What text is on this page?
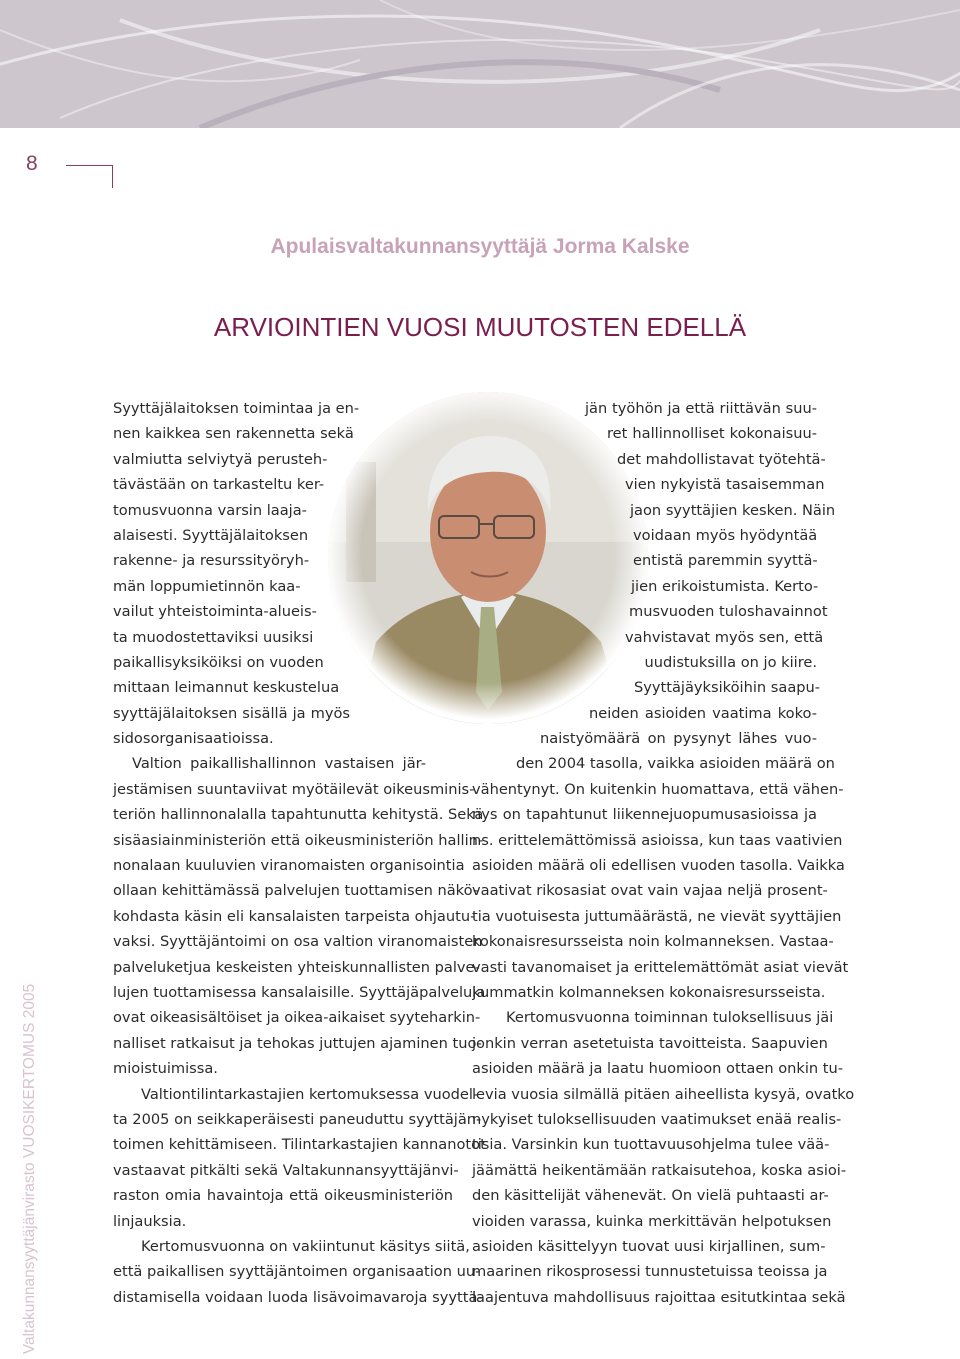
8
Apulaisvaltakunnansyyttäjä Jorma Kalske
ARVIOINTIEN VUOSI MUUTOSTEN EDELLÄ
Valtakunnansyyttäjänvirasto VUOSIKERTOMUS 2005
Syyttäjälaitoksen toimintaa ja en-
nen kaikkea sen rakennetta sekä
valmiutta selviytyä perusteh-
tävästään on tarkasteltu ker-
tomusvuonna varsin laaja-
alaisesti. Syyttäjälaitoksen
rakenne- ja resurssityöryh-
män loppumietinnön kaa-
vailut yhteistoiminta-alueis-
ta muodostettaviksi uusiksi
paikallisyksiköiksi on vuoden
mittaan leimannut keskustelua
syyttäjälaitoksen sisällä ja myös
sidosorganisaatioissa.
Valtion paikallishallinnon vastaisen jär-
jestämisen suuntaviivat myötäilevät oikeusminis-
teriön hallinnonalalla tapahtunutta kehitystä. Sekä
sisäasiainministeriön että oikeusministeriön hallin-
nonalaan kuuluvien viranomaisten organisointia
ollaan kehittämässä palvelujen tuottamisen näkö-
kohdasta käsin eli kansalaisten tarpeista ohjautu-
vaksi. Syyttäjäntoimi on osa valtion viranomaisten
palveluketjua keskeisten yhteiskunnallisten palve-
lujen tuottamisessa kansalaisille. Syyttäjäpalveluja
ovat oikeasisältöiset ja oikea-aikaiset syyteharkin-
nalliset ratkaisut ja tehokas juttujen ajaminen tuo-
mioistuimissa.
Valtiontilintarkastajien kertomuksessa vuodel-
ta 2005 on seikkaperäisesti paneuduttu syyttäjän-
toimen kehittämiseen. Tilintarkastajien kannanotot
vastaavat pitkälti sekä Valtakunnansyyttäjänvi-
raston omia havaintoja että oikeusministeriön
linjauksia.
Kertomusvuonna on vakiintunut käsitys siitä,
että paikallisen syyttäjäntoimen organisaation uu-
distamisella voidaan luoda lisävoimavaroja syyttä-
jän työhön ja että riittävän suu-
ret hallinnolliset kokonaisuu-
det mahdollistavat työtehtä-
vien nykyistä tasaisemman
jaon syyttäjien kesken. Näin
voidaan myös hyödyntää
entistä paremmin syyttä-
jien erikoistumista. Kerto-
musvuoden tuloshavainnot
vahvistavat myös sen, että
uudistuksilla on jo kiire.
Syyttäjäyksiköihin saapu-
neiden asioiden vaatima koko-
naistyömäärä on pysynyt lähes vuo-
den 2004 tasolla, vaikka asioiden määrä on
vähentynyt. On kuitenkin huomattava, että vähen-
nys on tapahtunut liikennejuopumusasioissa ja
ns. erittelemättömissä asioissa, kun taas vaativien
asioiden määrä oli edellisen vuoden tasolla. Vaikka
vaativat rikosasiat ovat vain vajaa neljä prosent-
tia vuotuisesta juttumäärästä, ne vievät syyttäjien
kokonaisresursseista noin kolmanneksen. Vastaa-
vasti tavanomaiset ja erittelemättömät asiat vievät
kummatkin kolmanneksen kokonaisresursseista.
Kertomusvuonna toiminnan tuloksellisuus jäi
jonkin verran asetetuista tavoitteista. Saapuvien
asioiden määrä ja laatu huomioon ottaen onkin tu-
levia vuosia silmällä pitäen aiheellista kysyä, ovatko
nykyiset tuloksellisuuden vaatimukset enää realis-
tisia. Varsinkin kun tuottavuusohjelma tulee vää-
jäämättä heikentämään ratkaisutehoa, koska asioi-
den käsittelijät vähenevät. On vielä puhtaasti ar-
vioiden varassa, kuinka merkittävän helpotuksen
asioiden käsittelyyn tuovat uusi kirjallinen, sum-
maarinen rikosprosessi tunnustetuissa teoissa ja
laajentuva mahdollisuus rajoittaa esitutkintaa sekä
